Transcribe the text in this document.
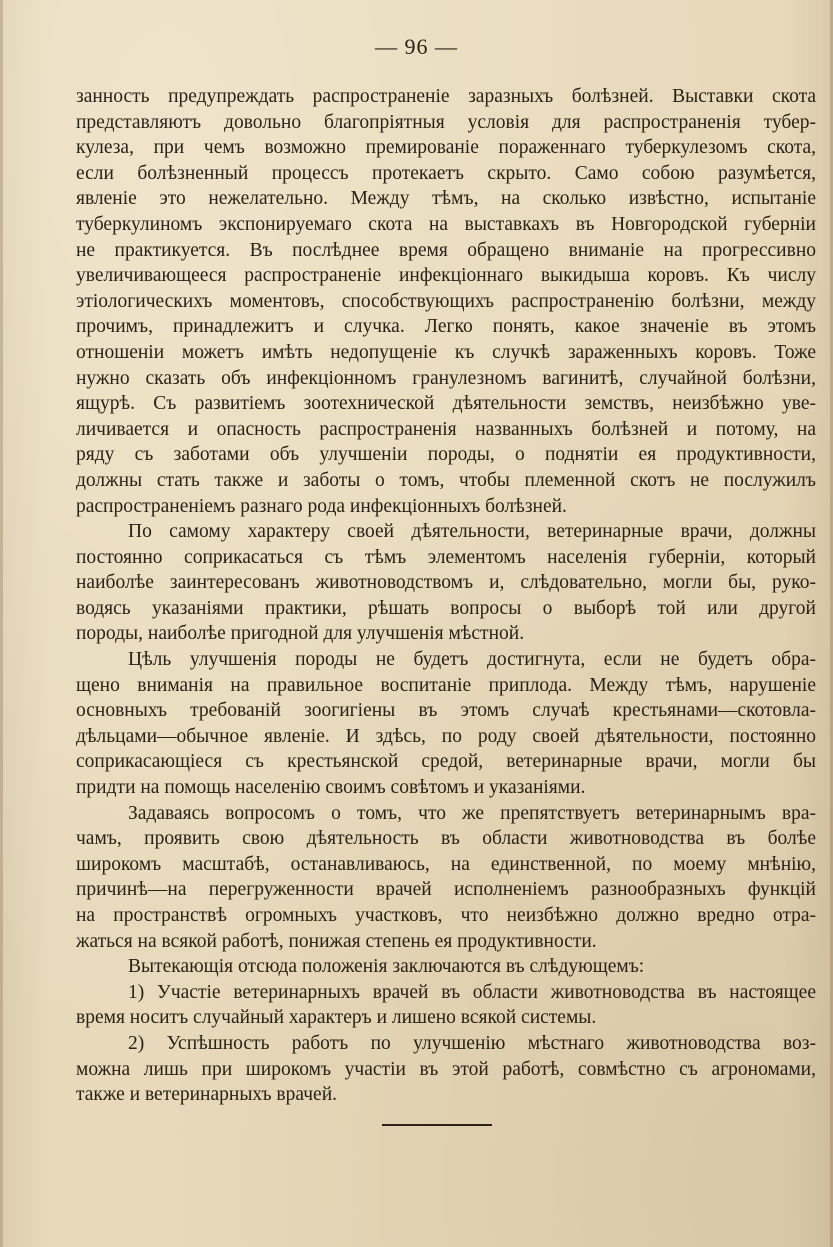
— 96 —
занность предупреждать распространеніе заразныхъ болѣзней. Выставки скота
представляютъ довольно благопріятныя условія для распространенія тубер-
кулеза, при чемъ возможно премированіе пораженнаго туберкулезомъ скота,
если болѣзненный процессъ протекаетъ скрыто. Само собою разумѣется,
явленіе это нежелательно. Между тѣмъ, на сколько извѣстно, испытаніе
туберкулиномъ экспонируемаго скота на выставкахъ въ Новгородской губерніи
не практикуется. Въ послѣднее время обращено вниманіе на прогрессивно
увеличивающееся распространеніе инфекціоннаго выкидыша коровъ. Къ числу
этіологическихъ моментовъ, способствующихъ распространенію болѣзни, между
прочимъ, принадлежитъ и случка. Легко понять, какое значеніе въ этомъ
отношеніи можетъ имѣть недопущеніе къ случкѣ зараженныхъ коровъ. Тоже
нужно сказать объ инфекціонномъ гранулезномъ вагинитѣ, случайной болѣзни,
ящурѣ. Съ развитіемъ зоотехнической дѣятельности земствъ, неизбѣжно уве-
личивается и опасность распространенія названныхъ болѣзней и потому, на
ряду съ заботами объ улучшеніи породы, о поднятіи ея продуктивности,
должны стать также и заботы о томъ, чтобы племенной скотъ не послужилъ
распространеніемъ разнаго рода инфекціонныхъ болѣзней.
По самому характеру своей дѣятельности, ветеринарные врачи, должны
постоянно соприкасаться съ тѣмъ элементомъ населенія губерніи, который
наиболѣе заинтересованъ животноводствомъ и, слѣдовательно, могли бы, руко-
водясь указаніями практики, рѣшать вопросы о выборѣ той или другой
породы, наиболѣе пригодной для улучшенія мѣстной.
Цѣль улучшенія породы не будетъ достигнута, если не будетъ обра-
щено вниманія на правильное воспитаніе приплода. Между тѣмъ, нарушеніе
основныхъ требованій зоогигіены въ этомъ случаѣ крестьянами—скотовла-
дѣльцами—обычное явленіе. И здѣсь, по роду своей дѣятельности, постоянно
соприкасающіеся съ крестьянской средой, ветеринарные врачи, могли бы
придти на помощь населенію своимъ совѣтомъ и указаніями.
Задаваясь вопросомъ о томъ, что же препятствуетъ ветеринарнымъ вра-
чамъ, проявить свою дѣятельность въ области животноводства въ болѣе
широкомъ масштабѣ, останавливаюсь, на единственной, по моему мнѣнію,
причинѣ—на перегруженности врачей исполненіемъ разнообразныхъ функцій
на пространствѣ огромныхъ участковъ, что неизбѣжно должно вредно отра-
жаться на всякой работѣ, понижая степень ея продуктивности.
Вытекающія отсюда положенія заключаются въ слѣдующемъ:
1) Участіе ветеринарныхъ врачей въ области животноводства въ настоящее
время носитъ случайный характеръ и лишено всякой системы.
2) Успѣшность работъ по улучшенію мѣстнаго животноводства воз-
можна лишь при широкомъ участіи въ этой работѣ, совмѣстно съ агрономами,
также и ветеринарныхъ врачей.
